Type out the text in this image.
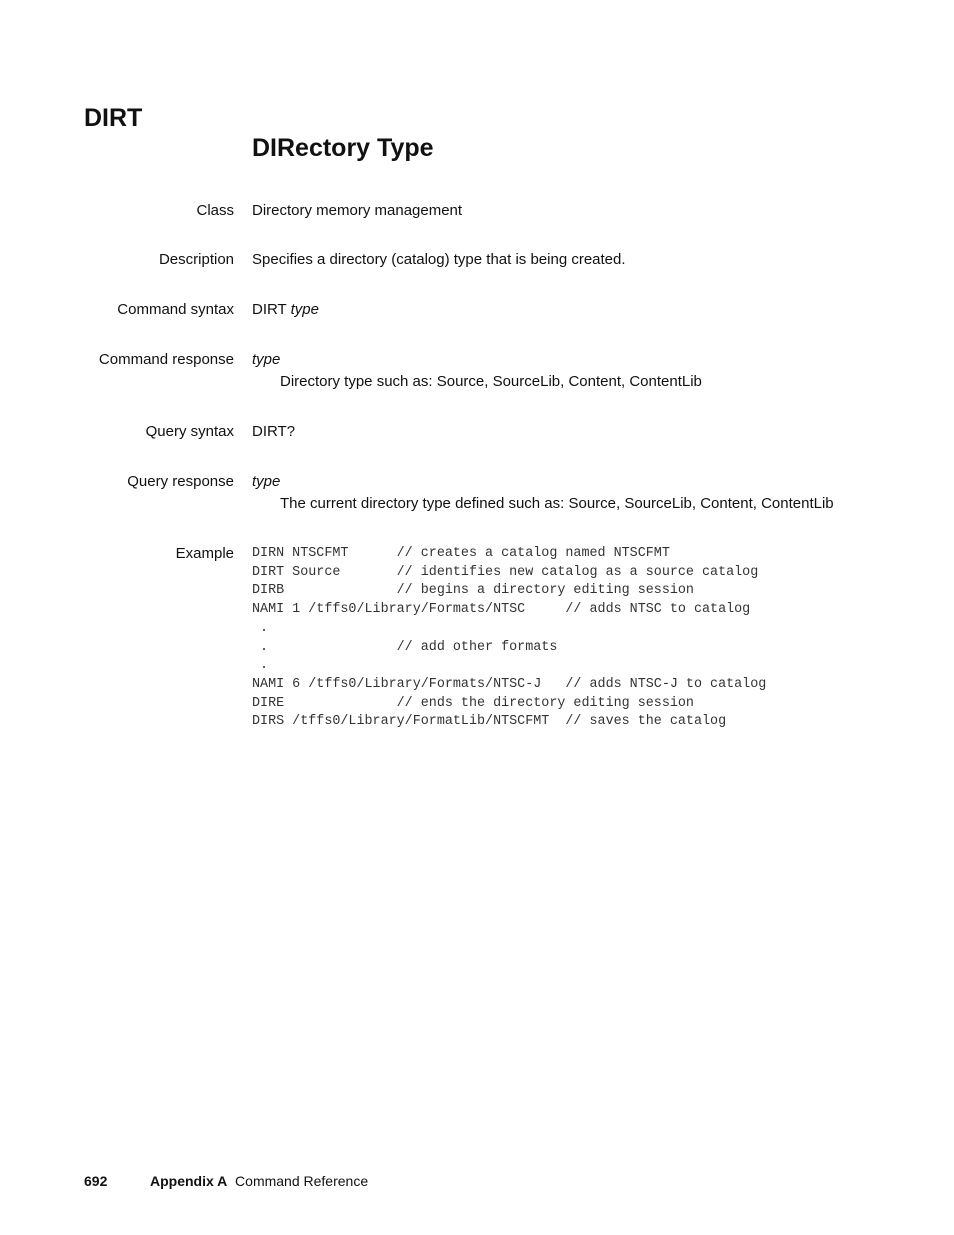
DIRT
DIRectory Type
Class Directory memory management
Description Specifies a directory (catalog) type that is being created.
Command syntax DIRT type
Command response type
Directory type such as: Source, SourceLib, Content, ContentLib
Query syntax DIRT?
Query response type
The current directory type defined such as: Source, SourceLib, Content, ContentLib
Example DIRN NTSCFMT      // creates a catalog named NTSCFMT
DIRT Source       // identifies new catalog as a source catalog
DIRB              // begins a directory editing session
NAMI 1 /tffs0/Library/Formats/NTSC     // adds NTSC to catalog
.
.                // add other formats
.
NAMI 6 /tffs0/Library/Formats/NTSC-J   // adds NTSC-J to catalog
DIRE              // ends the directory editing session
DIRS /tffs0/Library/FormatLib/NTSCFMT  // saves the catalog
692	Appendix A Command Reference
